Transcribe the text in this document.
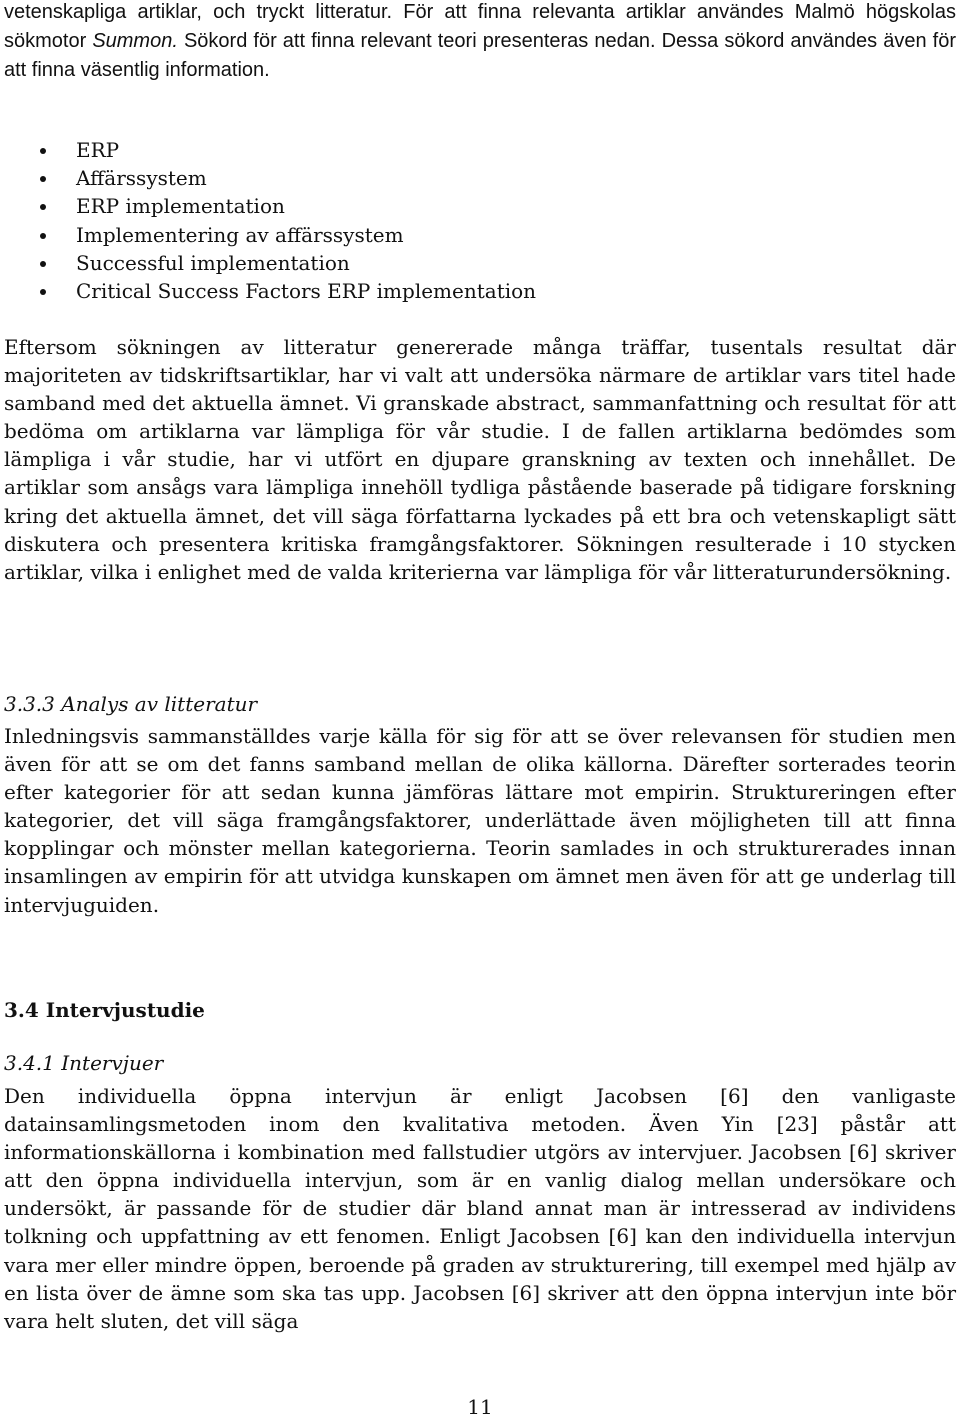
vetenskapliga artiklar, och tryckt litteratur. För att finna relevanta artiklar användes Malmö högskolas sökmotor Summon. Sökord för att finna relevant teori presenteras nedan. Dessa sökord användes även för att finna väsentlig information.

ERP
Affärssystem
ERP implementation
Implementering av affärssystem
Successful implementation
Critical Success Factors ERP implementation

Eftersom sökningen av litteratur genererade många träffar, tusentals resultat där majoriteten av tidskriftsartiklar, har vi valt att undersöka närmare de artiklar vars titel hade samband med det aktuella ämnet. Vi granskade abstract, sammanfattning och resultat för att bedöma om artiklarna var lämpliga för vår studie. I de fallen artiklarna bedömdes som lämpliga i vår studie, har vi utfört en djupare granskning av texten och innehållet. De artiklar som ansågs vara lämpliga innehöll tydliga påstående baserade på tidigare forskning kring det aktuella ämnet, det vill säga författarna lyckades på ett bra och vetenskapligt sätt diskutera och presentera kritiska framgångsfaktorer. Sökningen resulterade i 10 stycken artiklar, vilka i enlighet med de valda kriterierna var lämpliga för vår litteraturundersökning.

3.3.3 Analys av litteratur

Inledningsvis sammanställdes varje källa för sig för att se över relevansen för studien men även för att se om det fanns samband mellan de olika källorna. Därefter sorterades teorin efter kategorier för att sedan kunna jämföras lättare mot empirin. Struktureringen efter kategorier, det vill säga framgångsfaktorer, underlättade även möjligheten till att finna kopplingar och mönster mellan kategorierna. Teorin samlades in och strukturerades innan insamlingen av empirin för att utvidga kunskapen om ämnet men även för att ge underlag till intervjuguiden.

3.4 Intervjustudie
3.4.1 Intervjuer

Den individuella öppna intervjun är enligt Jacobsen [6] den vanligaste datainsamlingsmetoden inom den kvalitativa metoden. Även Yin [23] påstår att informationskällorna i kombination med fallstudier utgörs av intervjuer. Jacobsen [6] skriver att den öppna individuella intervjun, som är en vanlig dialog mellan undersökare och undersökt, är passande för de studier där bland annat man är intresserad av individens tolkning och uppfattning av ett fenomen. Enligt Jacobsen [6] kan den individuella intervjun vara mer eller mindre öppen, beroende på graden av strukturering, till exempel med hjälp av en lista över de ämne som ska tas upp. Jacobsen [6] skriver att den öppna intervjun inte bör vara helt sluten, det vill säga

11
